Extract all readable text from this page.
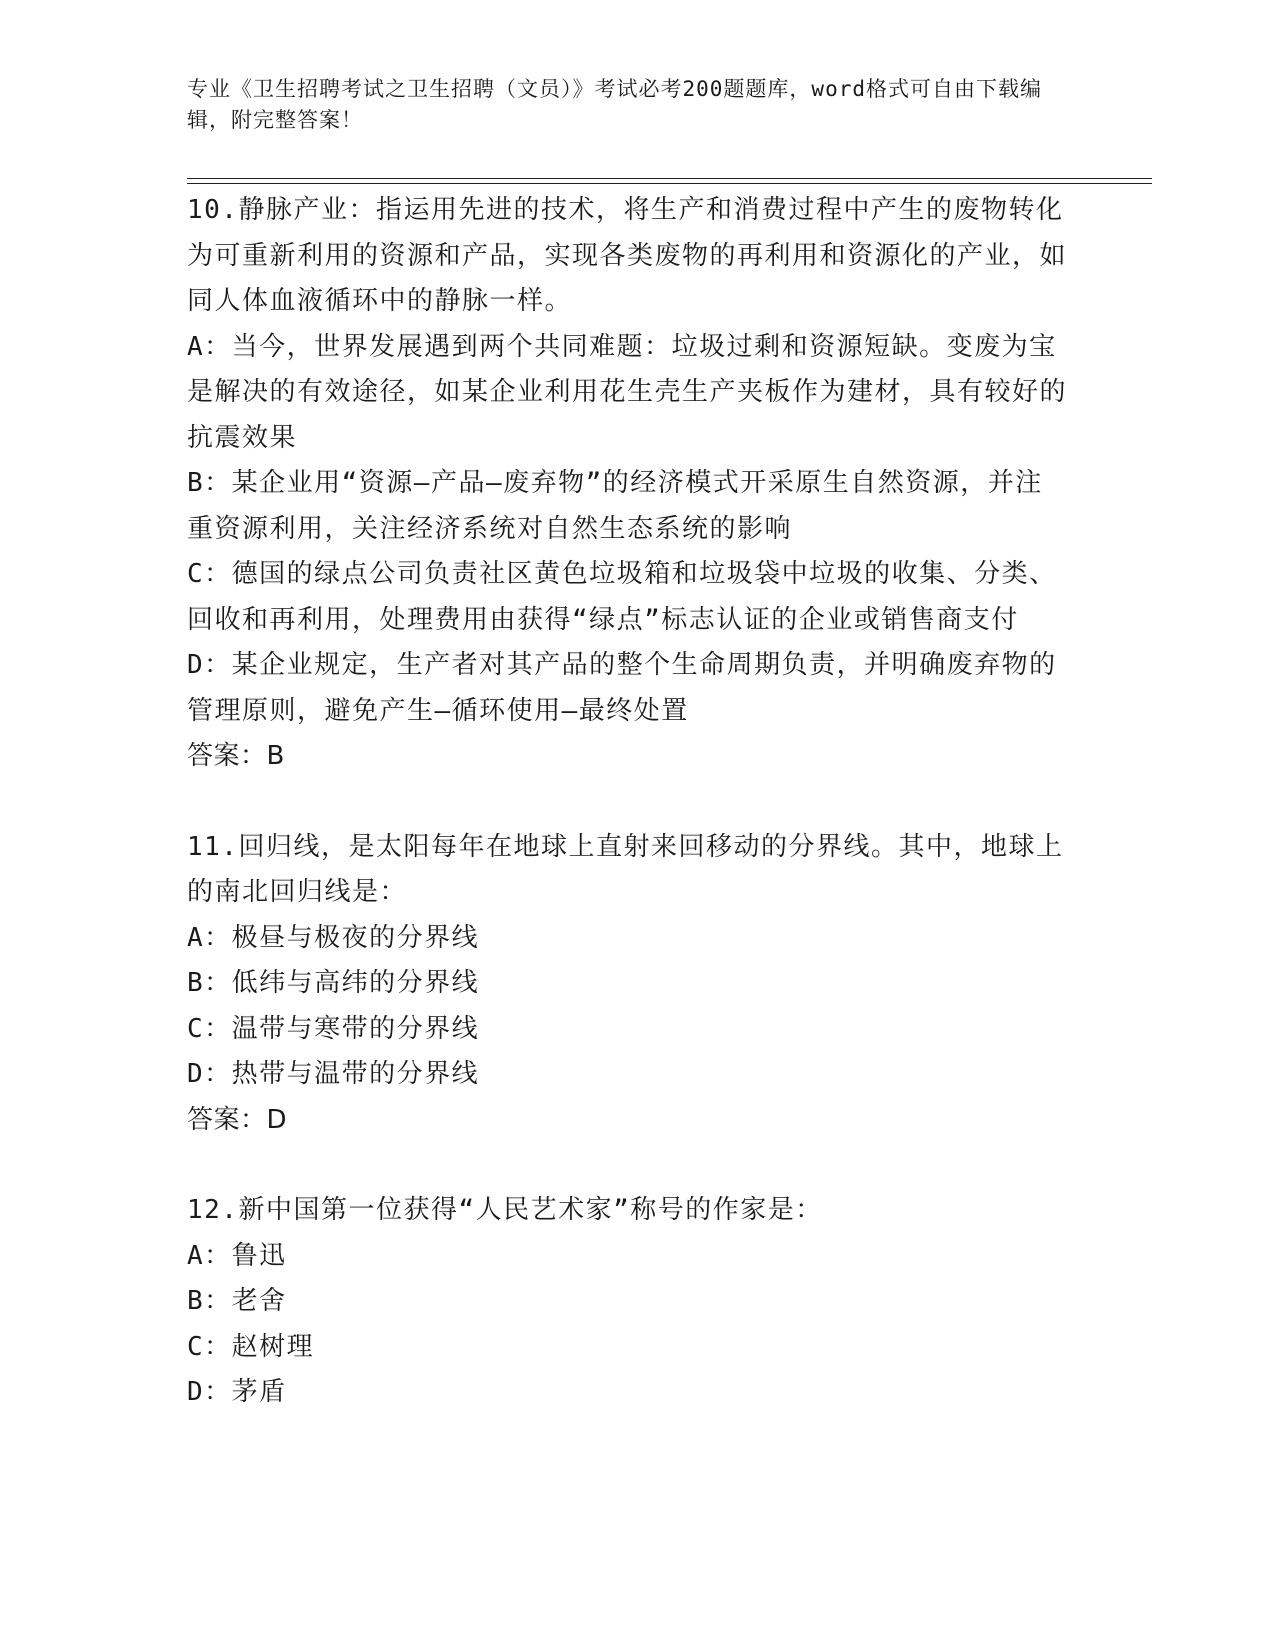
专业《卫生招聘考试之卫生招聘（文员）》考试必考200题题库，word格式可自由下载编辑，附完整答案！

10.静脉产业：指运用先进的技术，将生产和消费过程中产生的废物转化为可重新利用的资源和产品，实现各类废物的再利用和资源化的产业，如同人体血液循环中的静脉一样。

A：当今，世界发展遇到两个共同难题：垃圾过剩和资源短缺。变废为宝是解决的有效途径，如某企业利用花生壳生产夹板作为建材，具有较好的抗震效果

B：某企业用“资源—产品—废弃物”的经济模式开采原生自然资源，并注重资源利用，关注经济系统对自然生态系统的影响

C：德国的绿点公司负责社区黄色垃圾箱和垃圾袋中垃圾的收集、分类、回收和再利用，处理费用由获得“绿点”标志认证的企业或销售商支付

D：某企业规定，生产者对其产品的整个生命周期负责，并明确废弃物的管理原则，避免产生—循环使用—最终处置

答案：B

11.回归线，是太阳每年在地球上直射来回移动的分界线。其中，地球上的南北回归线是：

A：极昼与极夜的分界线

B：低纬与高纬的分界线

C：温带与寒带的分界线

D：热带与温带的分界线

答案：D

12.新中国第一位获得“人民艺术家”称号的作家是：

A：鲁迅

B：老舍

C：赵树理

D：茅盾
